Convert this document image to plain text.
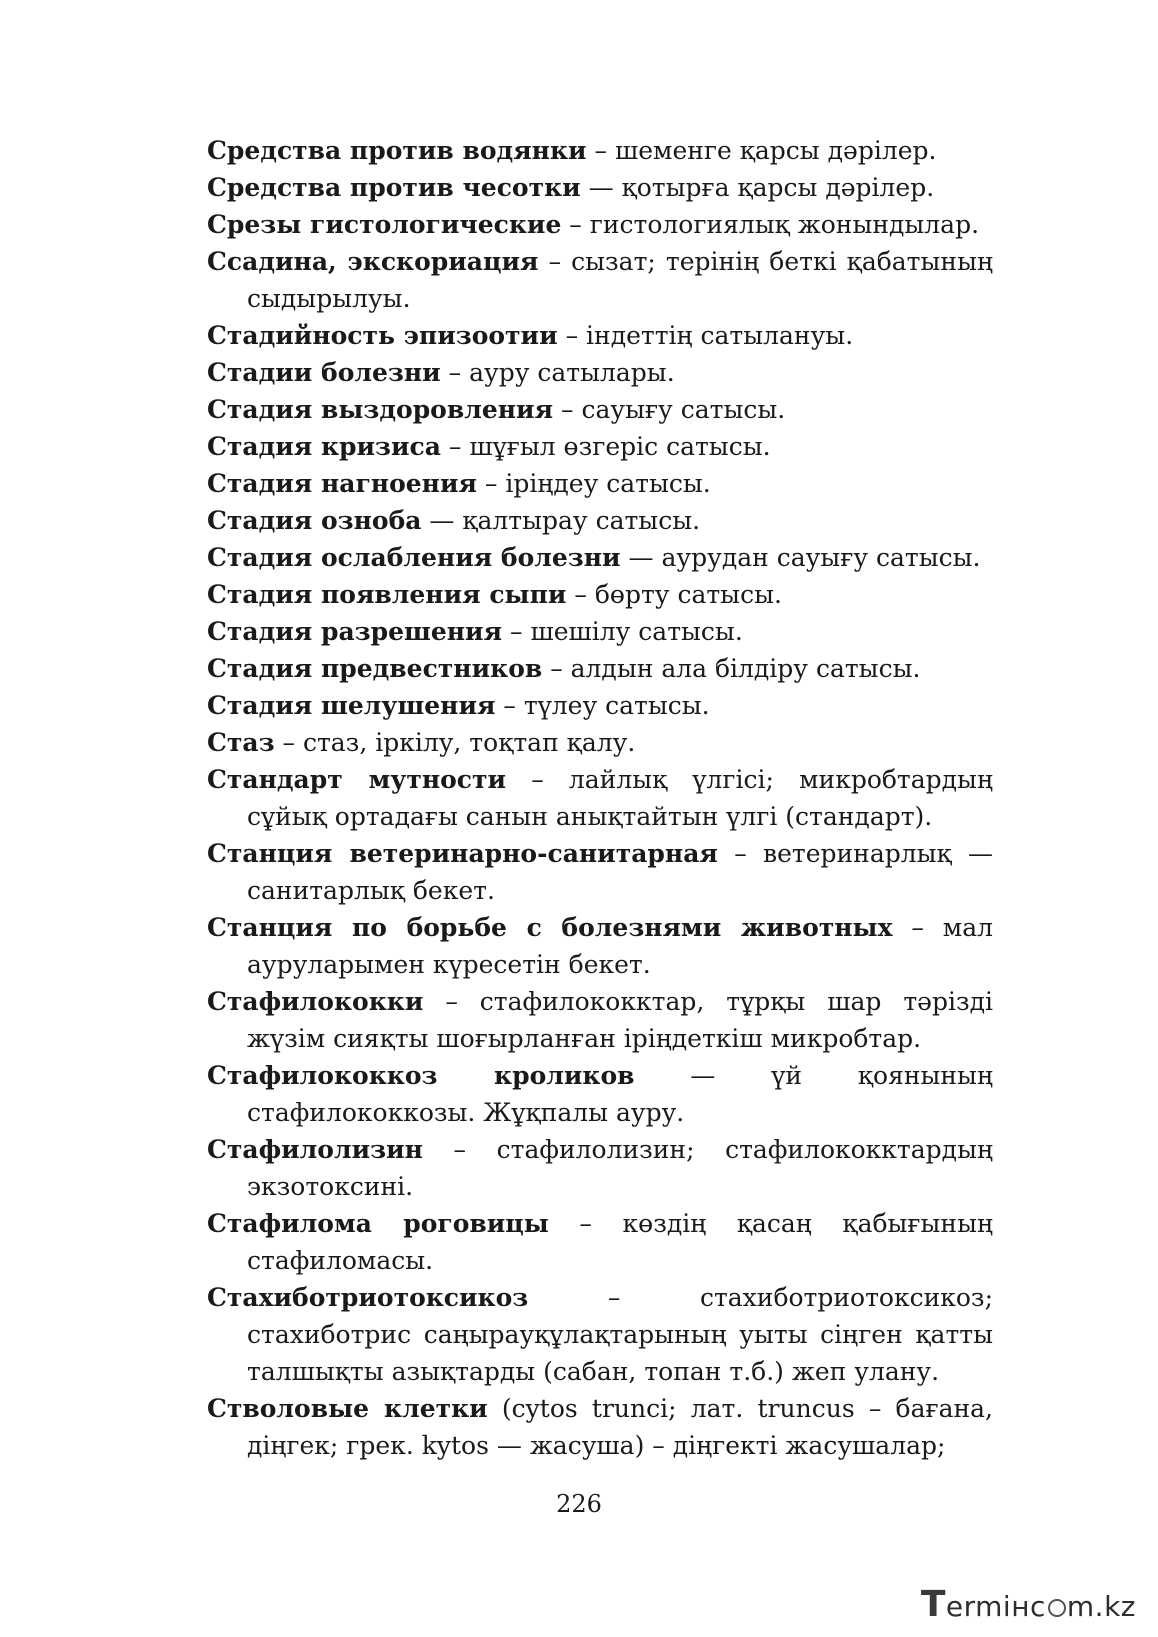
Средства против водянки – шеменге қарсы дәрілер.

Средства против чесотки — қотырға қарсы дәрілер.

Срезы гистологические – гистологиялық жонындылар.

Ссадина, экскориация – сызат; терінің беткі қабатының сыдырылуы.

Стадийность эпизоотии – індеттің сатылануы.

Стадии болезни – ауру сатылары.

Стадия выздоровления – сауығу сатысы.

Стадия кризиса – шұғыл өзгеріс сатысы.

Стадия нагноения – іріңдеу сатысы.

Стадия озноба — қалтырау сатысы.

Стадия ослабления болезни — аурудан сауығу сатысы.

Стадия появления сыпи – бөрту сатысы.

Стадия разрешения – шешілу сатысы.

Стадия предвестников – алдын ала білдіру сатысы.

Стадия шелушения – түлеу сатысы.

Стаз – стаз, іркілу, тоқтап қалу.

Стандарт мутности – лайлық үлгісі; микробтардың сұйық ортадағы санын анықтайтын үлгі (стандарт).

Станция ветеринарно-санитарная – ветеринарлық — санитарлық бекет.

Станция по борьбе с болезнями животных – мал ауруларымен күресетін бекет.

Стафилококки – стафилококктар, тұрқы шар тәрізді жүзім сияқты шоғырланған іріңдеткіш микробтар.

Стафилококкоз кроликов — үй қоянының стафилококкозы. Жұқпалы ауру.

Стафилолизин – стафилолизин; стафилококктардың экзотоксині.

Стафилома роговицы – көздің қасаң қабығының стафиломасы.

Стахиботриотоксикоз – стахиботриотоксикоз; стахиботрис саңырауқұлақтарының уыты сіңген қатты талшықты азықтарды (сабан, топан т.б.) жеп улану.

Стволовые клетки (cytos trunci; лат. truncus – бағана, діңгек; грек. kytos — жасуша) – діңгекті жасушалар;

226
T ermінc m.kz
